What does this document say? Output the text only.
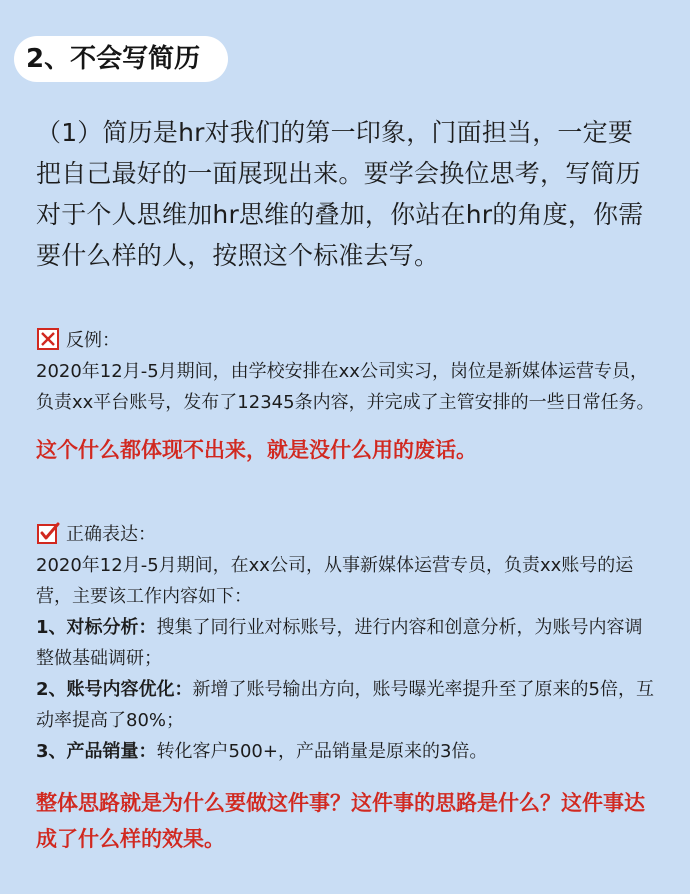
2、不会写简历
（1）简历是hr对我们的第一印象，门面担当，一定要把自己最好的一面展现出来。要学会换位思考，写简历对于个人思维加hr思维的叠加，你站在hr的角度，你需要什么样的人，按照这个标准去写。
反例：
2020年12月-5月期间，由学校安排在xx公司实习，岗位是新媒体运营专员，负责xx平台账号，发布了12345条内容，并完成了主管安排的一些日常任务。
这个什么都体现不出来，就是没什么用的废话。
正确表达：
2020年12月-5月期间，在xx公司，从事新媒体运营专员，负责xx账号的运营，主要该工作内容如下：
1、对标分析：搜集了同行业对标账号，进行内容和创意分析，为账号内容调整做基础调研；
2、账号内容优化：新增了账号输出方向，账号曝光率提升至了原来的5倍，互动率提高了80%；
3、产品销量：转化客户500+，产品销量是原来的3倍。
整体思路就是为什么要做这件事？这件事的思路是什么？这件事达成了什么样的效果。
